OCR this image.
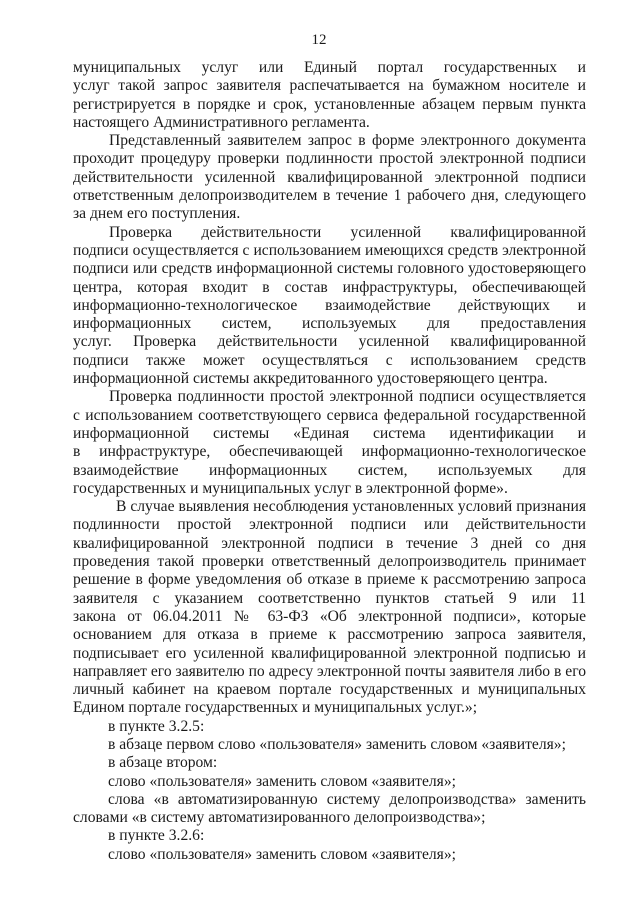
12
муниципальных услуг или Единый портал государственных и
услуг такой запрос заявителя распечатывается на бумажном носителе и
регистрируется в порядке и срок, установленные абзацем первым пункта
настоящего Административного регламента.
Представленный заявителем запрос в форме электронного документа
проходит процедуру проверки подлинности простой электронной подписи
действительности усиленной квалифицированной электронной подписи
ответственным делопроизводителем в течение 1 рабочего дня, следующего
за днем его поступления.
Проверка действительности усиленной квалифицированной
подписи осуществляется с использованием имеющихся средств электронной
подписи или средств информационной системы головного удостоверяющего
центра, которая входит в состав инфраструктуры, обеспечивающей
информационно-технологическое взаимодействие действующих и
информационных систем, используемых для предоставления
услуг. Проверка действительности усиленной квалифицированной
подписи также может осуществляться с использованием средств
информационной системы аккредитованного удостоверяющего центра.
Проверка подлинности простой электронной подписи осуществляется
с использованием соответствующего сервиса федеральной государственной
информационной системы «Единая система идентификации и
в инфраструктуре, обеспечивающей информационно-технологическое
взаимодействие информационных систем, используемых для
государственных и муниципальных услуг в электронной форме».
В случае выявления несоблюдения установленных условий признания
подлинности простой электронной подписи или действительности
квалифицированной электронной подписи в течение 3 дней со дня
проведения такой проверки ответственный делопроизводитель принимает
решение в форме уведомления об отказе в приеме к рассмотрению запроса
заявителя с указанием соответственно пунктов статьей 9 или 11
закона от 06.04.2011 № 63-ФЗ «Об электронной подписи», которые
основанием для отказа в приеме к рассмотрению запроса заявителя,
подписывает его усиленной квалифицированной электронной подписью и
направляет его заявителю по адресу электронной почты заявителя либо в его
личный кабинет на краевом портале государственных и муниципальных
Едином портале государственных и муниципальных услуг.»;
в пункте 3.2.5:
в абзаце первом слово «пользователя» заменить словом «заявителя»;
в абзаце втором:
слово «пользователя» заменить словом «заявителя»;
слова «в автоматизированную систему делопроизводства» заменить
словами «в систему автоматизированного делопроизводства»;
в пункте 3.2.6:
слово «пользователя» заменить словом «заявителя»;
